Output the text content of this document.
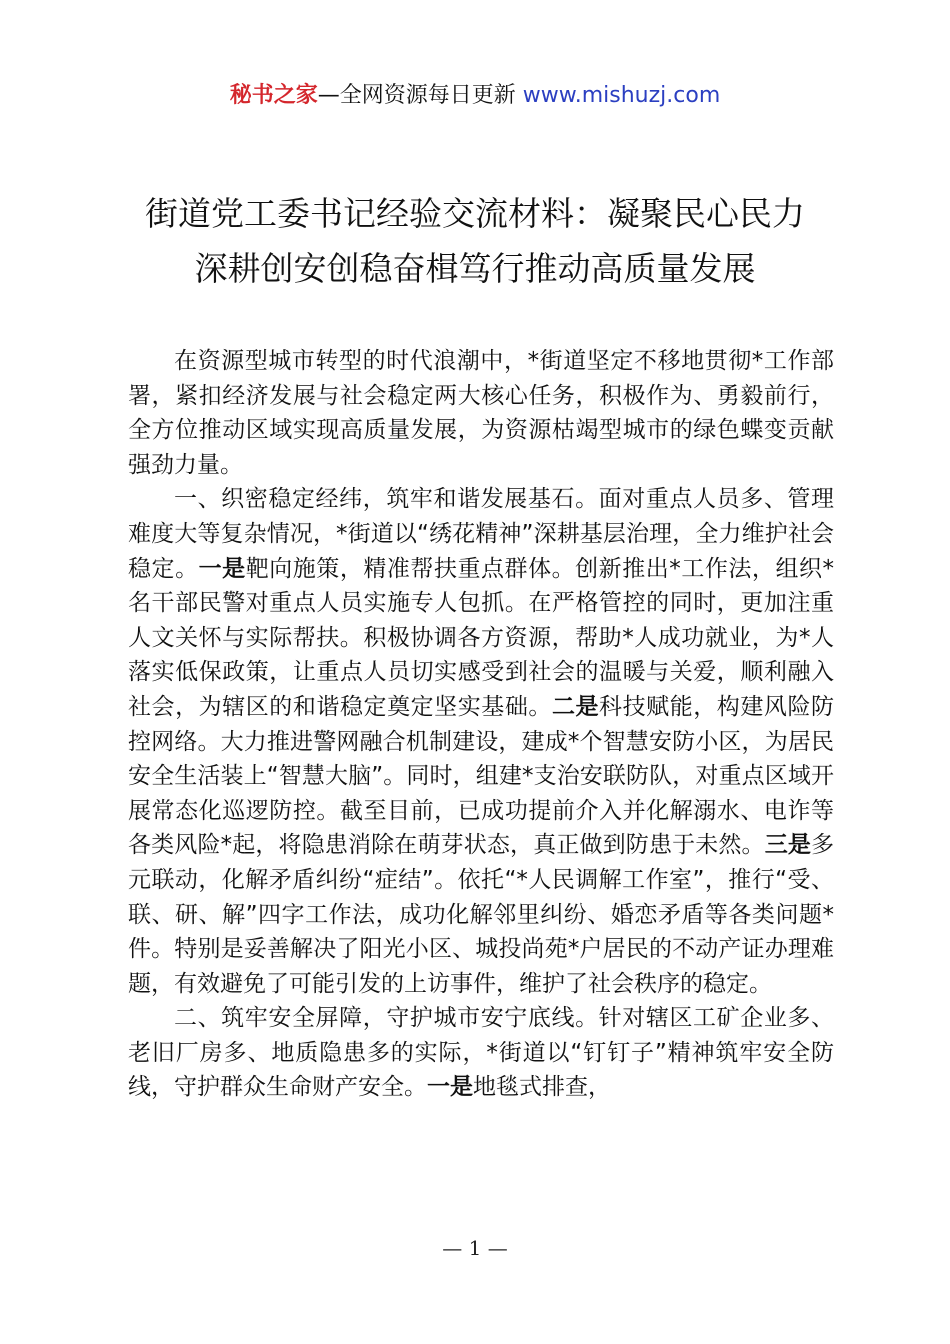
秘书之家—全网资源每日更新 www.mishuzj.com
街道党工委书记经验交流材料：凝聚民心民力
深耕创安创稳奋楫笃行推动高质量发展

在资源型城市转型的时代浪潮中，*街道坚定不移地贯彻*工作部署，紧扣经济发展与社会稳定两大核心任务，积极作为、勇毅前行，全方位推动区域实现高质量发展，为资源枯竭型城市的绿色蝶变贡献强劲力量。

一、织密稳定经纬，筑牢和谐发展基石。面对重点人员多、管理难度大等复杂情况，*街道以“绣花精神”深耕基层治理，全力维护社会稳定。一是靶向施策，精准帮扶重点群体。创新推出*工作法，组织*名干部民警对重点人员实施专人包抓。在严格管控的同时，更加注重人文关怀与实际帮扶。积极协调各方资源，帮助*人成功就业，为*人落实低保政策，让重点人员切实感受到社会的温暖与关爱，顺利融入社会，为辖区的和谐稳定奠定坚实基础。二是科技赋能，构建风险防控网络。大力推进警网融合机制建设，建成*个智慧安防小区，为居民安全生活装上“智慧大脑”。同时，组建*支治安联防队，对重点区域开展常态化巡逻防控。截至目前，已成功提前介入并化解溺水、电诈等各类风险*起，将隐患消除在萌芽状态，真正做到防患于未然。三是多元联动，化解矛盾纠纷“症结”。依托“*人民调解工作室”，推行“受、联、研、解”四字工作法，成功化解邻里纠纷、婚恋矛盾等各类问题*件。特别是妥善解决了阳光小区、城投尚苑*户居民的不动产证办理难题，有效避免了可能引发的上访事件，维护了社会秩序的稳定。

二、筑牢安全屏障，守护城市安宁底线。针对辖区工矿企业多、老旧厂房多、地质隐患多的实际，*街道以“钉钉子”精神筑牢安全防线，守护群众生命财产安全。一是地毯式排查，

— 1 —
